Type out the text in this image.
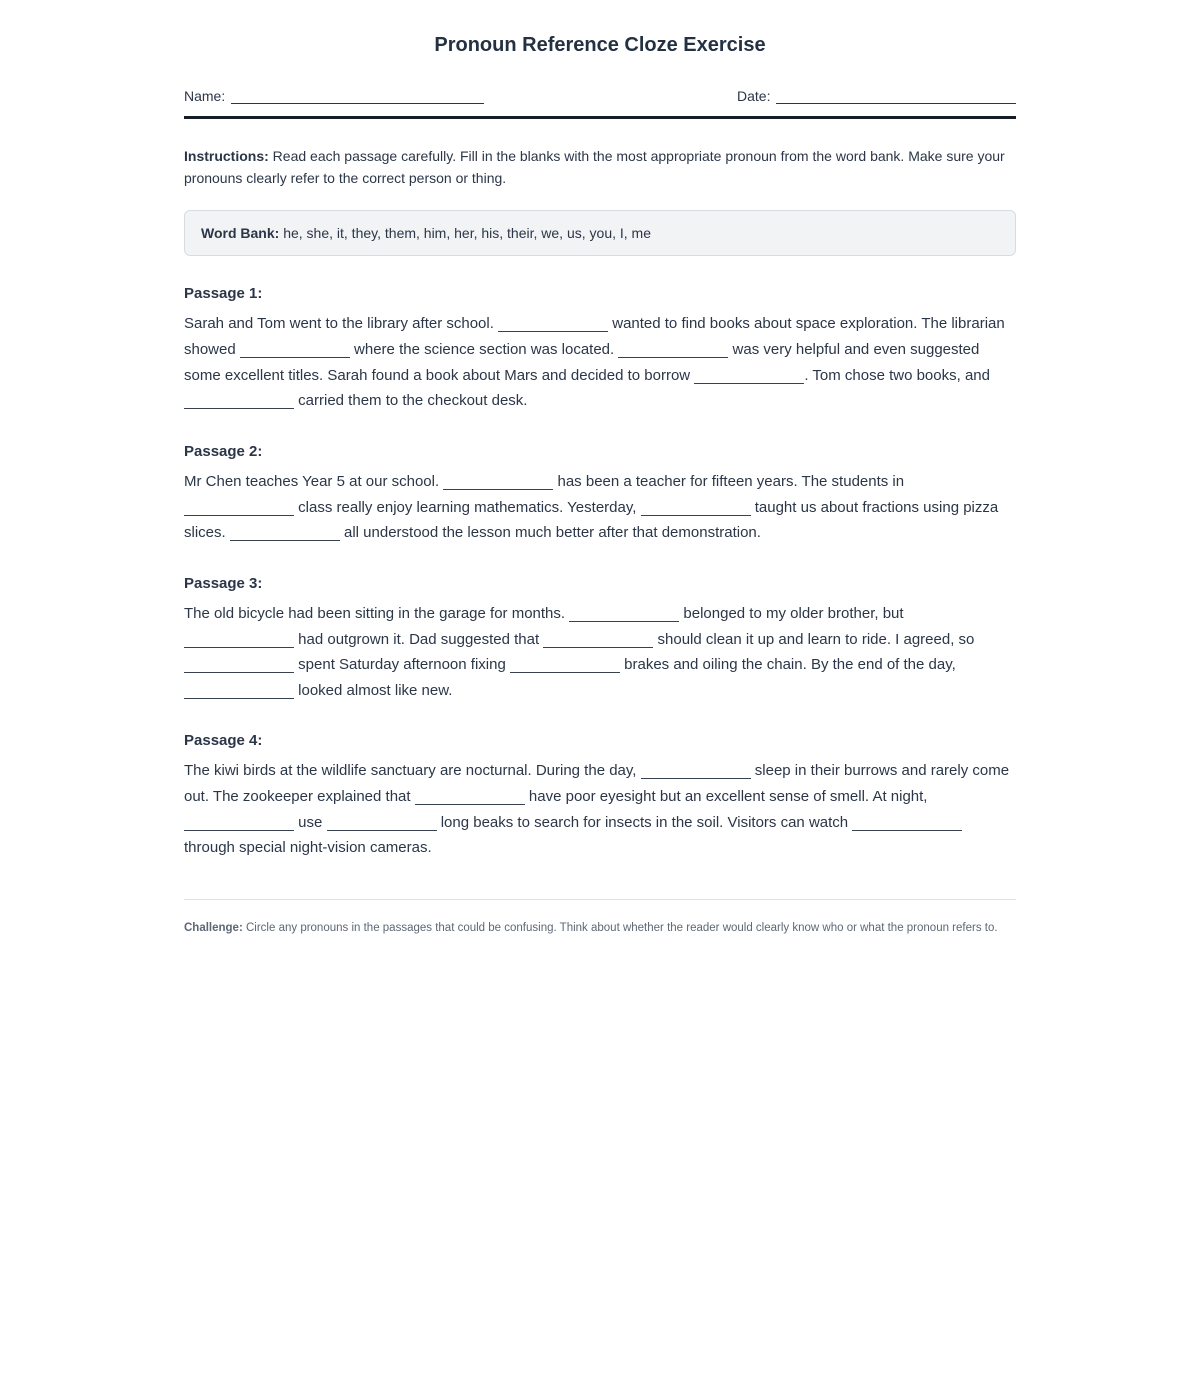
Pronoun Reference Cloze Exercise
Name:	Date:

Instructions: Read each passage carefully. Fill in the blanks with the most appropriate pronoun from the word bank. Make sure your pronouns clearly refer to the correct person or thing.

Word Bank: he, she, it, they, them, him, her, his, their, we, us, you, I, me
Passage 1:

Sarah and Tom went to the library after school.	wanted to find books about space exploration. The librarian showed	where the science section was located.	was very helpful and even suggested some excellent titles. Sarah found a book about Mars and decided to borrow	. Tom chose two books, and  carried them to the checkout desk.

Passage 2:

Mr Chen teaches Year 5 at our school.	has been a teacher for fifteen years. The students in  class really enjoy learning mathematics. Yesterday,	taught us about fractions using pizza slices.	all understood the lesson much better after that demonstration.

Passage 3:

The old bicycle had been sitting in the garage for months.	belonged to my older brother, but  had outgrown it. Dad suggested that	should clean it up and learn to ride. I agreed, so  spent Saturday afternoon fixing	brakes and oiling the chain. By the end of the day,  looked almost like new.

Passage 4:

The kiwi birds at the wildlife sanctuary are nocturnal. During the day,	sleep in their burrows and rarely come out. The zookeeper explained that	have poor eyesight but an excellent sense of smell. At night,  use	long beaks to search for insects in the soil. Visitors can watch  through special night-vision cameras.

Challenge: Circle any pronouns in the passages that could be confusing. Think about whether the reader would clearly know who or what the pronoun refers to.
